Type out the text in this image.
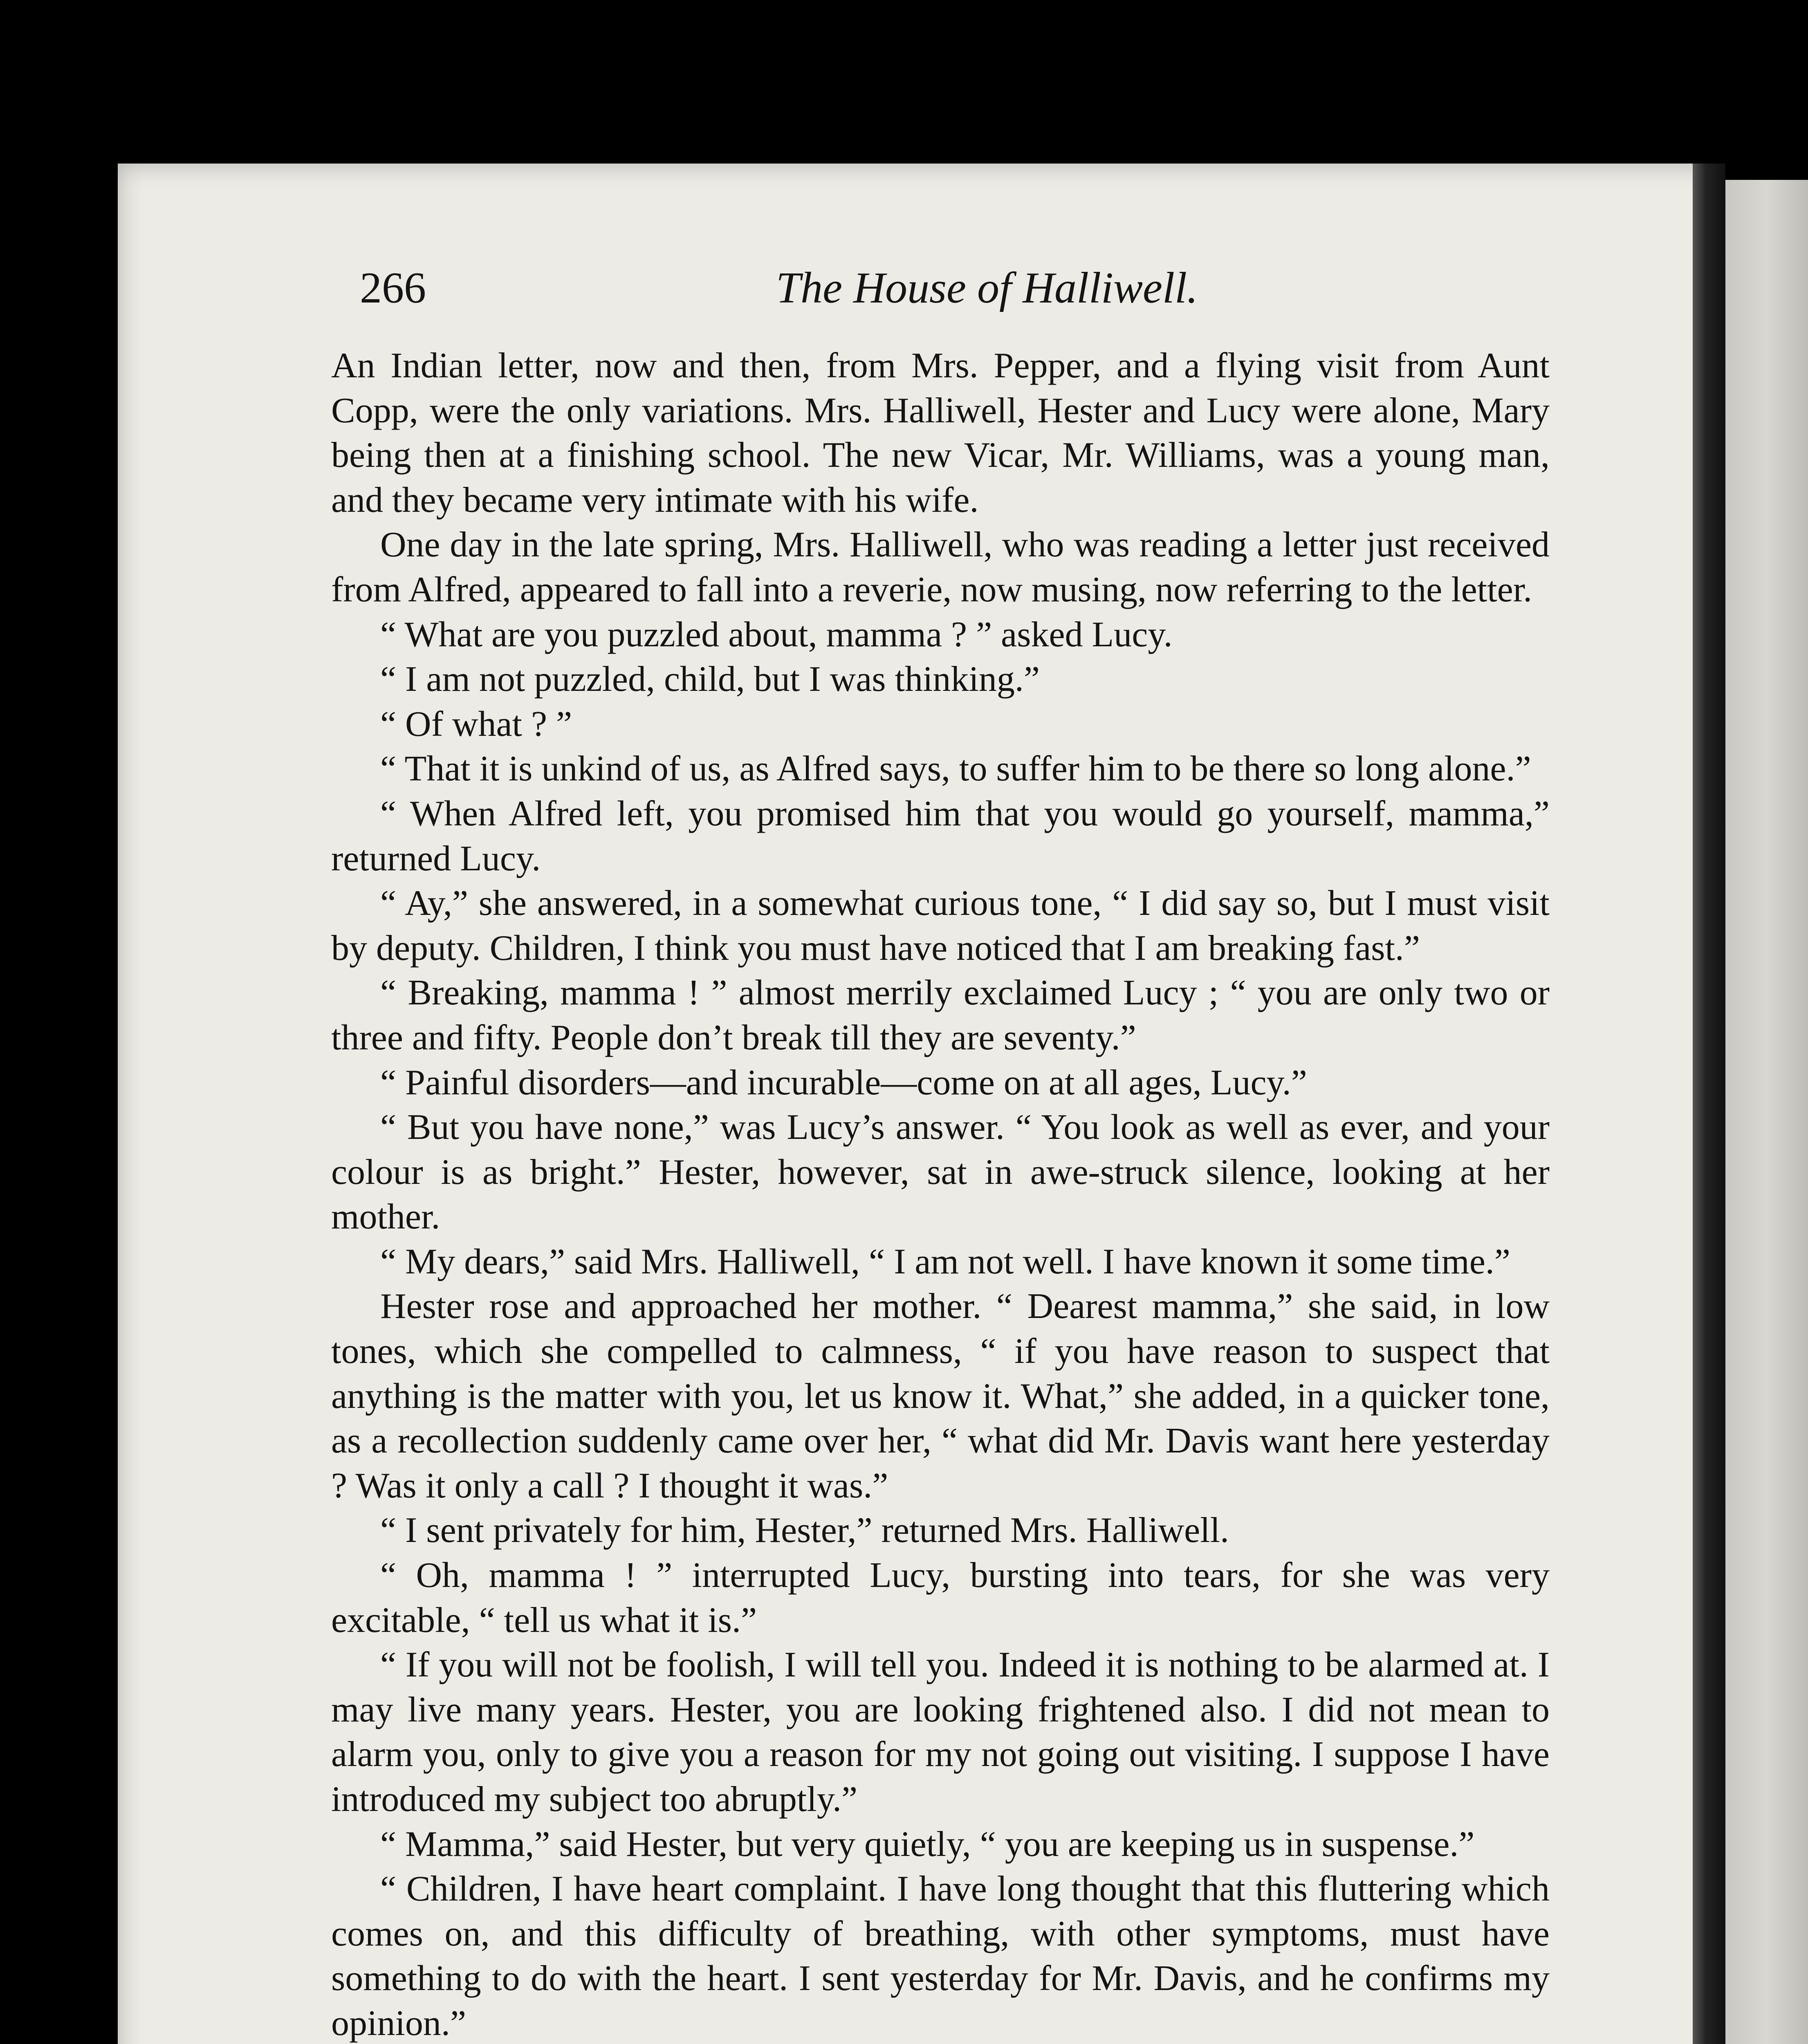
266	The House of Halliwell.

An Indian letter, now and then, from Mrs. Pepper, and a flying visit from Aunt Copp, were the only variations. Mrs. Halliwell, Hester and Lucy were alone, Mary being then at a finishing school. The new Vicar, Mr. Williams, was a young man, and they became very intimate with his wife.

One day in the late spring, Mrs. Halliwell, who was reading a letter just received from Alfred, appeared to fall into a reverie, now musing, now referring to the letter.

“ What are you puzzled about, mamma ? ” asked Lucy.

“ I am not puzzled, child, but I was thinking.”

“ Of what ? ”

“ That it is unkind of us, as Alfred says, to suffer him to be there so long alone.”

“ When Alfred left, you promised him that you would go yourself, mamma,” returned Lucy.

“ Ay,” she answered, in a somewhat curious tone, “ I did say so, but I must visit by deputy. Children, I think you must have noticed that I am breaking fast.”

“ Breaking, mamma ! ” almost merrily exclaimed Lucy ; “ you are only two or three and fifty. People don’t break till they are seventy.”

“ Painful disorders—and incurable—come on at all ages, Lucy.”

“ But you have none,” was Lucy’s answer. “ You look as well as ever, and your colour is as bright.” Hester, however, sat in awe-struck silence, looking at her mother.

“ My dears,” said Mrs. Halliwell, “ I am not well. I have known it some time.”

Hester rose and approached her mother. “ Dearest mamma,” she said, in low tones, which she compelled to calmness, “ if you have reason to suspect that anything is the matter with you, let us know it. What,” she added, in a quicker tone, as a recollection suddenly came over her, “ what did Mr. Davis want here yesterday ? Was it only a call ? I thought it was.”

“ I sent privately for him, Hester,” returned Mrs. Halliwell.

“ Oh, mamma ! ” interrupted Lucy, bursting into tears, for she was very excitable, “ tell us what it is.”

“ If you will not be foolish, I will tell you. Indeed it is nothing to be alarmed at. I may live many years. Hester, you are looking frightened also. I did not mean to alarm you, only to give you a reason for my not going out visiting. I suppose I have introduced my subject too abruptly.”

“ Mamma,” said Hester, but very quietly, “ you are keeping us in suspense.”

“ Children, I have heart complaint. I have long thought that this fluttering which comes on, and this difficulty of breathing, with other symptoms, must have something to do with the heart. I sent yesterday for Mr. Davis, and he confirms my opinion.”
